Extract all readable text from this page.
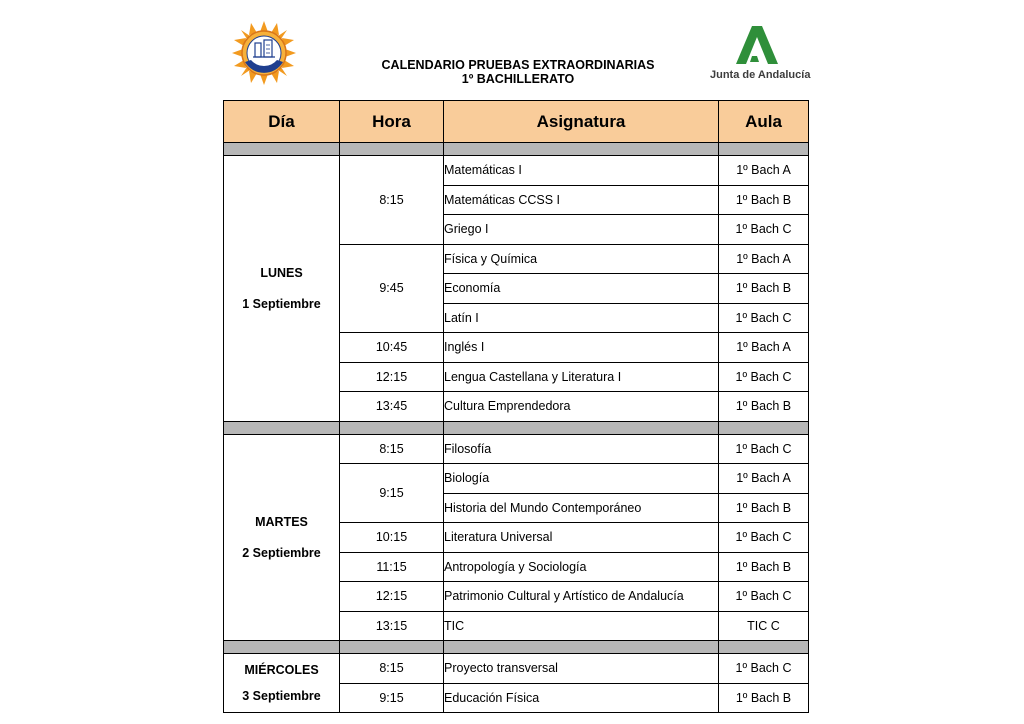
CALENDARIO PRUEBAS EXTRAORDINARIAS
1º BACHILLERATO	Junta de Andalucía
Día	Hora	Asignatura	Aula

LUNES
1 Septiembre	8:15	Matemáticas I	1º Bach A
		Matemáticas CCSS I	1º Bach B
		Griego I	1º Bach C
	9:45	Física y Química	1º Bach A
		Economía	1º Bach B
		Latín I	1º Bach C
	10:45	Inglés I	1º Bach A
	12:15	Lengua Castellana y Literatura I	1º Bach C
	13:45	Cultura Emprendedora	1º Bach B

MARTES
2 Septiembre	8:15	Filosofía	1º Bach C
	9:15	Biología	1º Bach A
		Historia del Mundo Contemporáneo	1º Bach B
	10:15	Literatura Universal	1º Bach C
	11:15	Antropología y Sociología	1º Bach B
	12:15	Patrimonio Cultural y Artístico de Andalucía	1º Bach C
	13:15	TIC	TIC C

MIÉRCOLES
3 Septiembre	8:15	Proyecto transversal	1º Bach C
	9:15	Educación Física	1º Bach B
